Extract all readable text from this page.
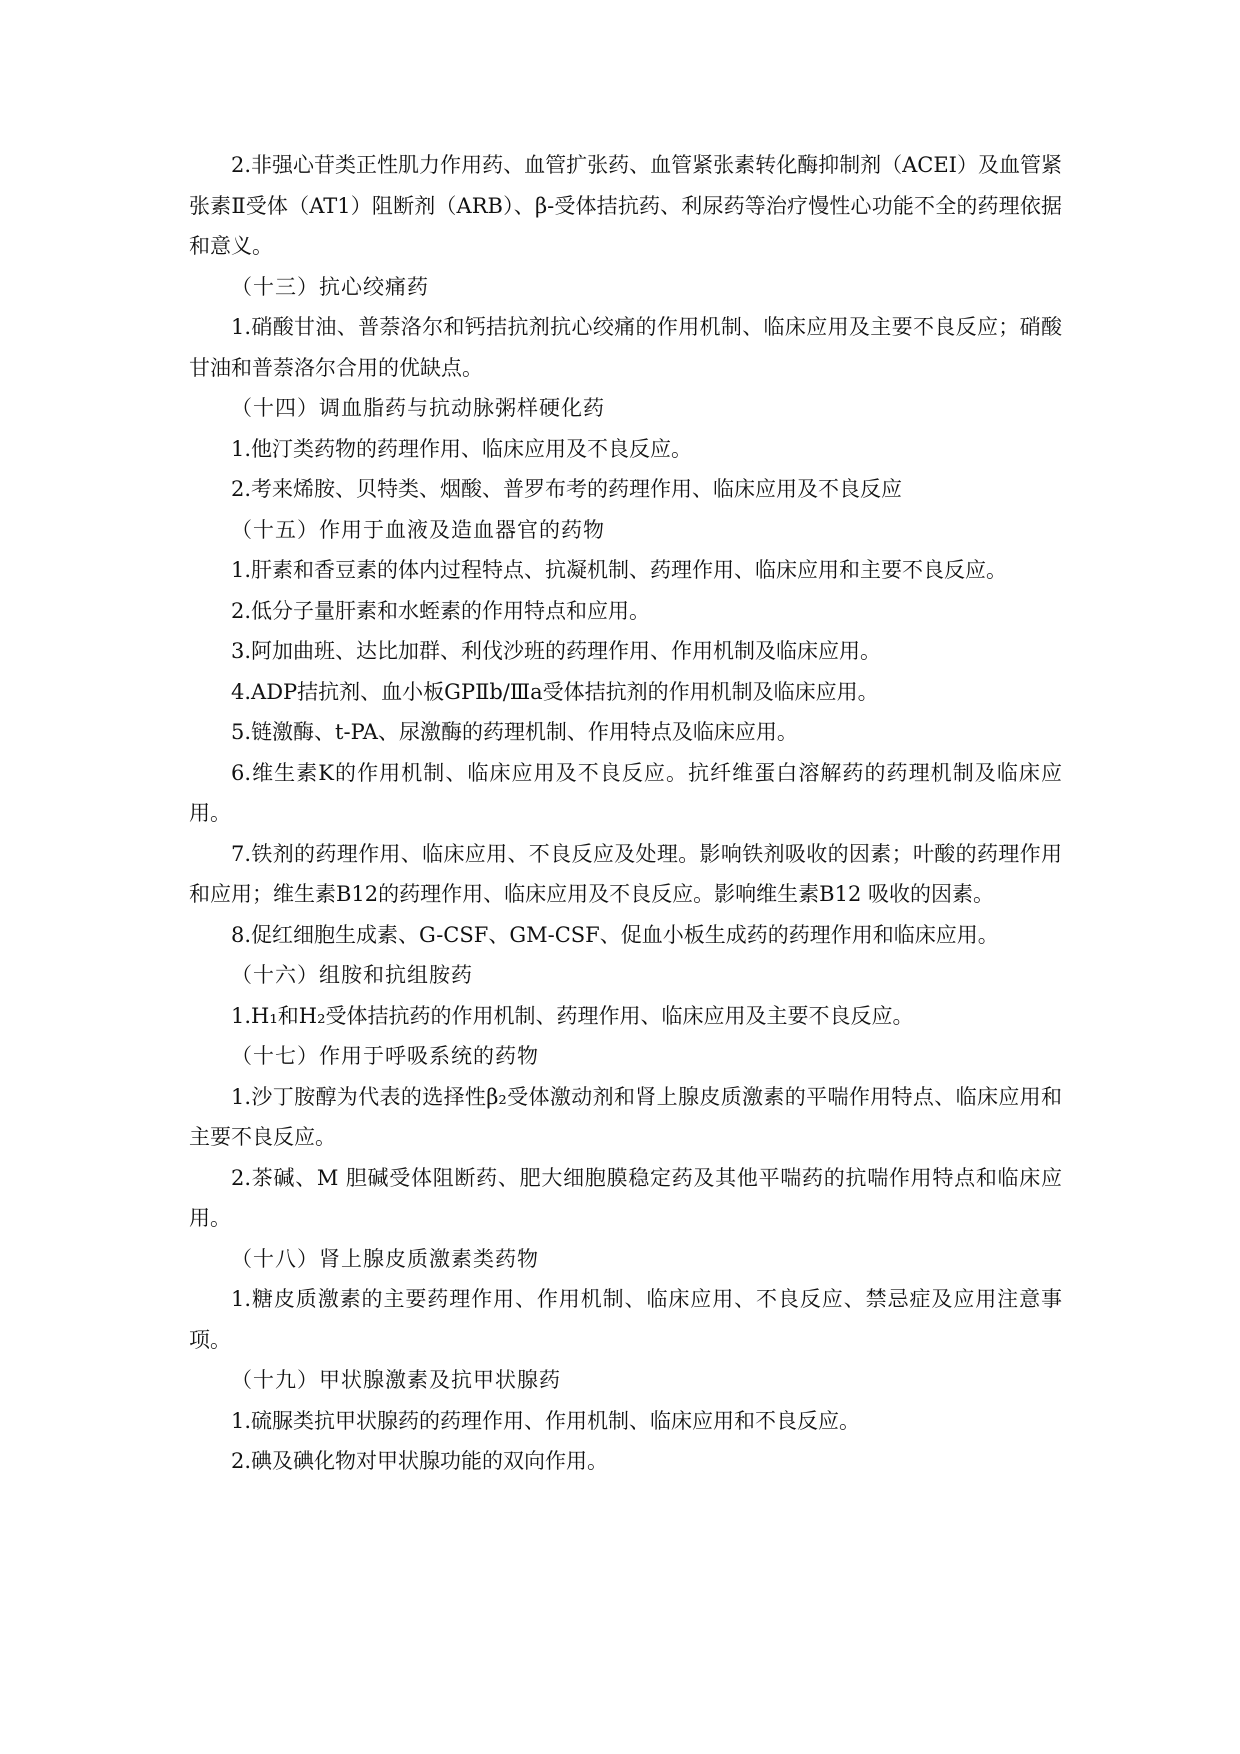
2.非强心苷类正性肌力作用药、血管扩张药、血管紧张素转化酶抑制剂（ACEI）及血管紧张素Ⅱ受体（AT1）阻断剂（ARB）、β-受体拮抗药、利尿药等治疗慢性心功能不全的药理依据和意义。

（十三）抗心绞痛药

1.硝酸甘油、普萘洛尔和钙拮抗剂抗心绞痛的作用机制、临床应用及主要不良反应；硝酸甘油和普萘洛尔合用的优缺点。

（十四）调血脂药与抗动脉粥样硬化药

1.他汀类药物的药理作用、临床应用及不良反应。

2.考来烯胺、贝特类、烟酸、普罗布考的药理作用、临床应用及不良反应

（十五）作用于血液及造血器官的药物

1.肝素和香豆素的体内过程特点、抗凝机制、药理作用、临床应用和主要不良反应。

2.低分子量肝素和水蛭素的作用特点和应用。

3.阿加曲班、达比加群、利伐沙班的药理作用、作用机制及临床应用。

4.ADP拮抗剂、血小板GPⅡb/Ⅲa受体拮抗剂的作用机制及临床应用。

5.链激酶、t-PA、尿激酶的药理机制、作用特点及临床应用。

6.维生素K的作用机制、临床应用及不良反应。抗纤维蛋白溶解药的药理机制及临床应用。

7.铁剂的药理作用、临床应用、不良反应及处理。影响铁剂吸收的因素；叶酸的药理作用和应用；维生素B12的药理作用、临床应用及不良反应。影响维生素B12 吸收的因素。

8.促红细胞生成素、G-CSF、GM-CSF、促血小板生成药的药理作用和临床应用。

（十六）组胺和抗组胺药

1.H₁和H₂受体拮抗药的作用机制、药理作用、临床应用及主要不良反应。

（十七）作用于呼吸系统的药物

1.沙丁胺醇为代表的选择性β₂受体激动剂和肾上腺皮质激素的平喘作用特点、临床应用和主要不良反应。

2.茶碱、M 胆碱受体阻断药、肥大细胞膜稳定药及其他平喘药的抗喘作用特点和临床应用。

（十八）肾上腺皮质激素类药物

1.糖皮质激素的主要药理作用、作用机制、临床应用、不良反应、禁忌症及应用注意事项。

（十九）甲状腺激素及抗甲状腺药

1.硫脲类抗甲状腺药的药理作用、作用机制、临床应用和不良反应。

2.碘及碘化物对甲状腺功能的双向作用。
